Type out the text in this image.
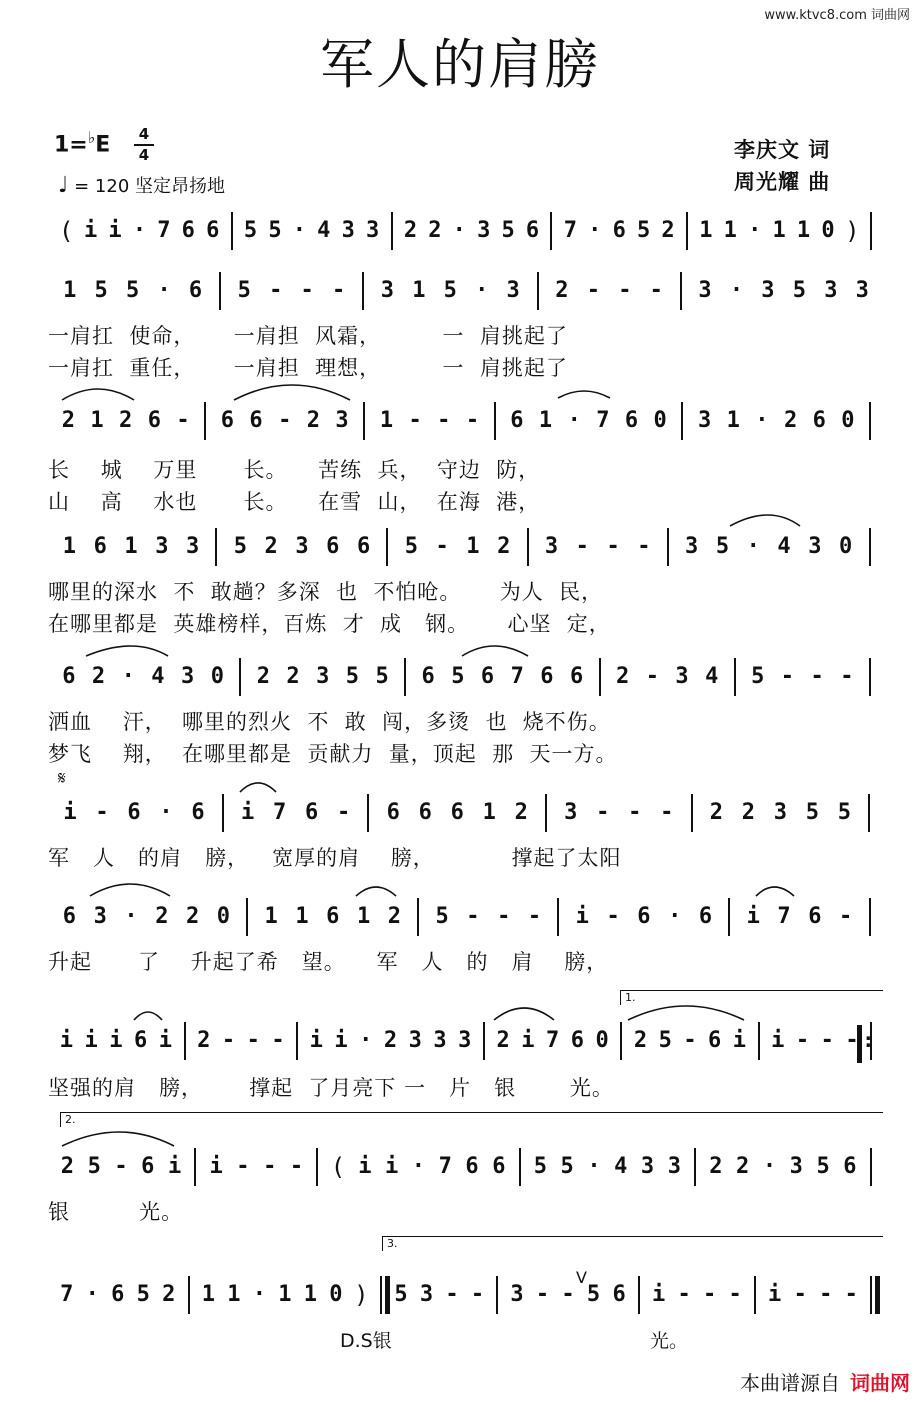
www.ktvc8.com 词曲网
军人的肩膀
1=♭E	4
4
♩ = 120 坚定昂扬地
李庆文 词
周光耀 曲
( i i · 7 6 6 5 5 · 4 3 3 2 2 · 3 5 6 7 · 6 5 2 1 1 · 1 1 0 )
1 5 5 · 6 5 - - - 3 1 5 · 3 2 - - - 3 · 3 5 3 3
一肩扛  使命，     一肩担  风霜，        一  肩挑起了
一肩扛  重任，     一肩担  理想，        一  肩挑起了
2 1 2 6 - 6 6 - 2 3 1 - - - 6 1 · 7 6 0 3 1 · 2 6 0
长    城    万里      长。    苦练  兵，  守边  防，
山    高    水也      长。    在雪  山，  在海  港，
1 6 1 3 3 5 2 3 6 6 5 - 1 2 3 - - - 3 5 · 4 3 0
哪里的深水  不  敢趟？多深  也  不怕呛。     为人  民，
在哪里都是  英雄榜样，百炼  才  成   钢。     心坚  定，
6 2 · 4 3 0 2 2 3 5 5 6 5 6 7 6 6 2 - 3 4 5 - - -
洒血    汗，  哪里的烈火  不  敢  闯，多烫  也  烧不伤。
梦飞    翔，  在哪里都是  贡献力  量，顶起  那  天一方。
𝄋
i - 6 · 6 i 7 6 - 6 6 6 1 2 3 - - - 2 2 3 5 5
军   人   的肩   膀，   宽厚的肩    膀，          撑起了太阳
6 3 · 2 2 0 1 1 6 1 2 5 - - - i - 6 · 6 i 7 6 -
升起      了    升起了希   望。    军   人   的   肩    膀，
1.
i i i 6 i 2 - - - i i · 2 3 3 3 2 i 7 6 0 2 5 - 6 i i - - -
坚强的肩   膀，      撑起  了月亮下 一   片   银       光。
2.
2 5 - 6 i i - - - ( i i · 7 6 6 5 5 · 4 3 3 2 2 · 3 5 6
银         光。
3.
V
7 · 6 5 2 1 1 · 1 1 0 ) 5 3 - - 3 - - 5 6 i - - - i - - -
D.S银	光。
本曲谱源自 词曲网
